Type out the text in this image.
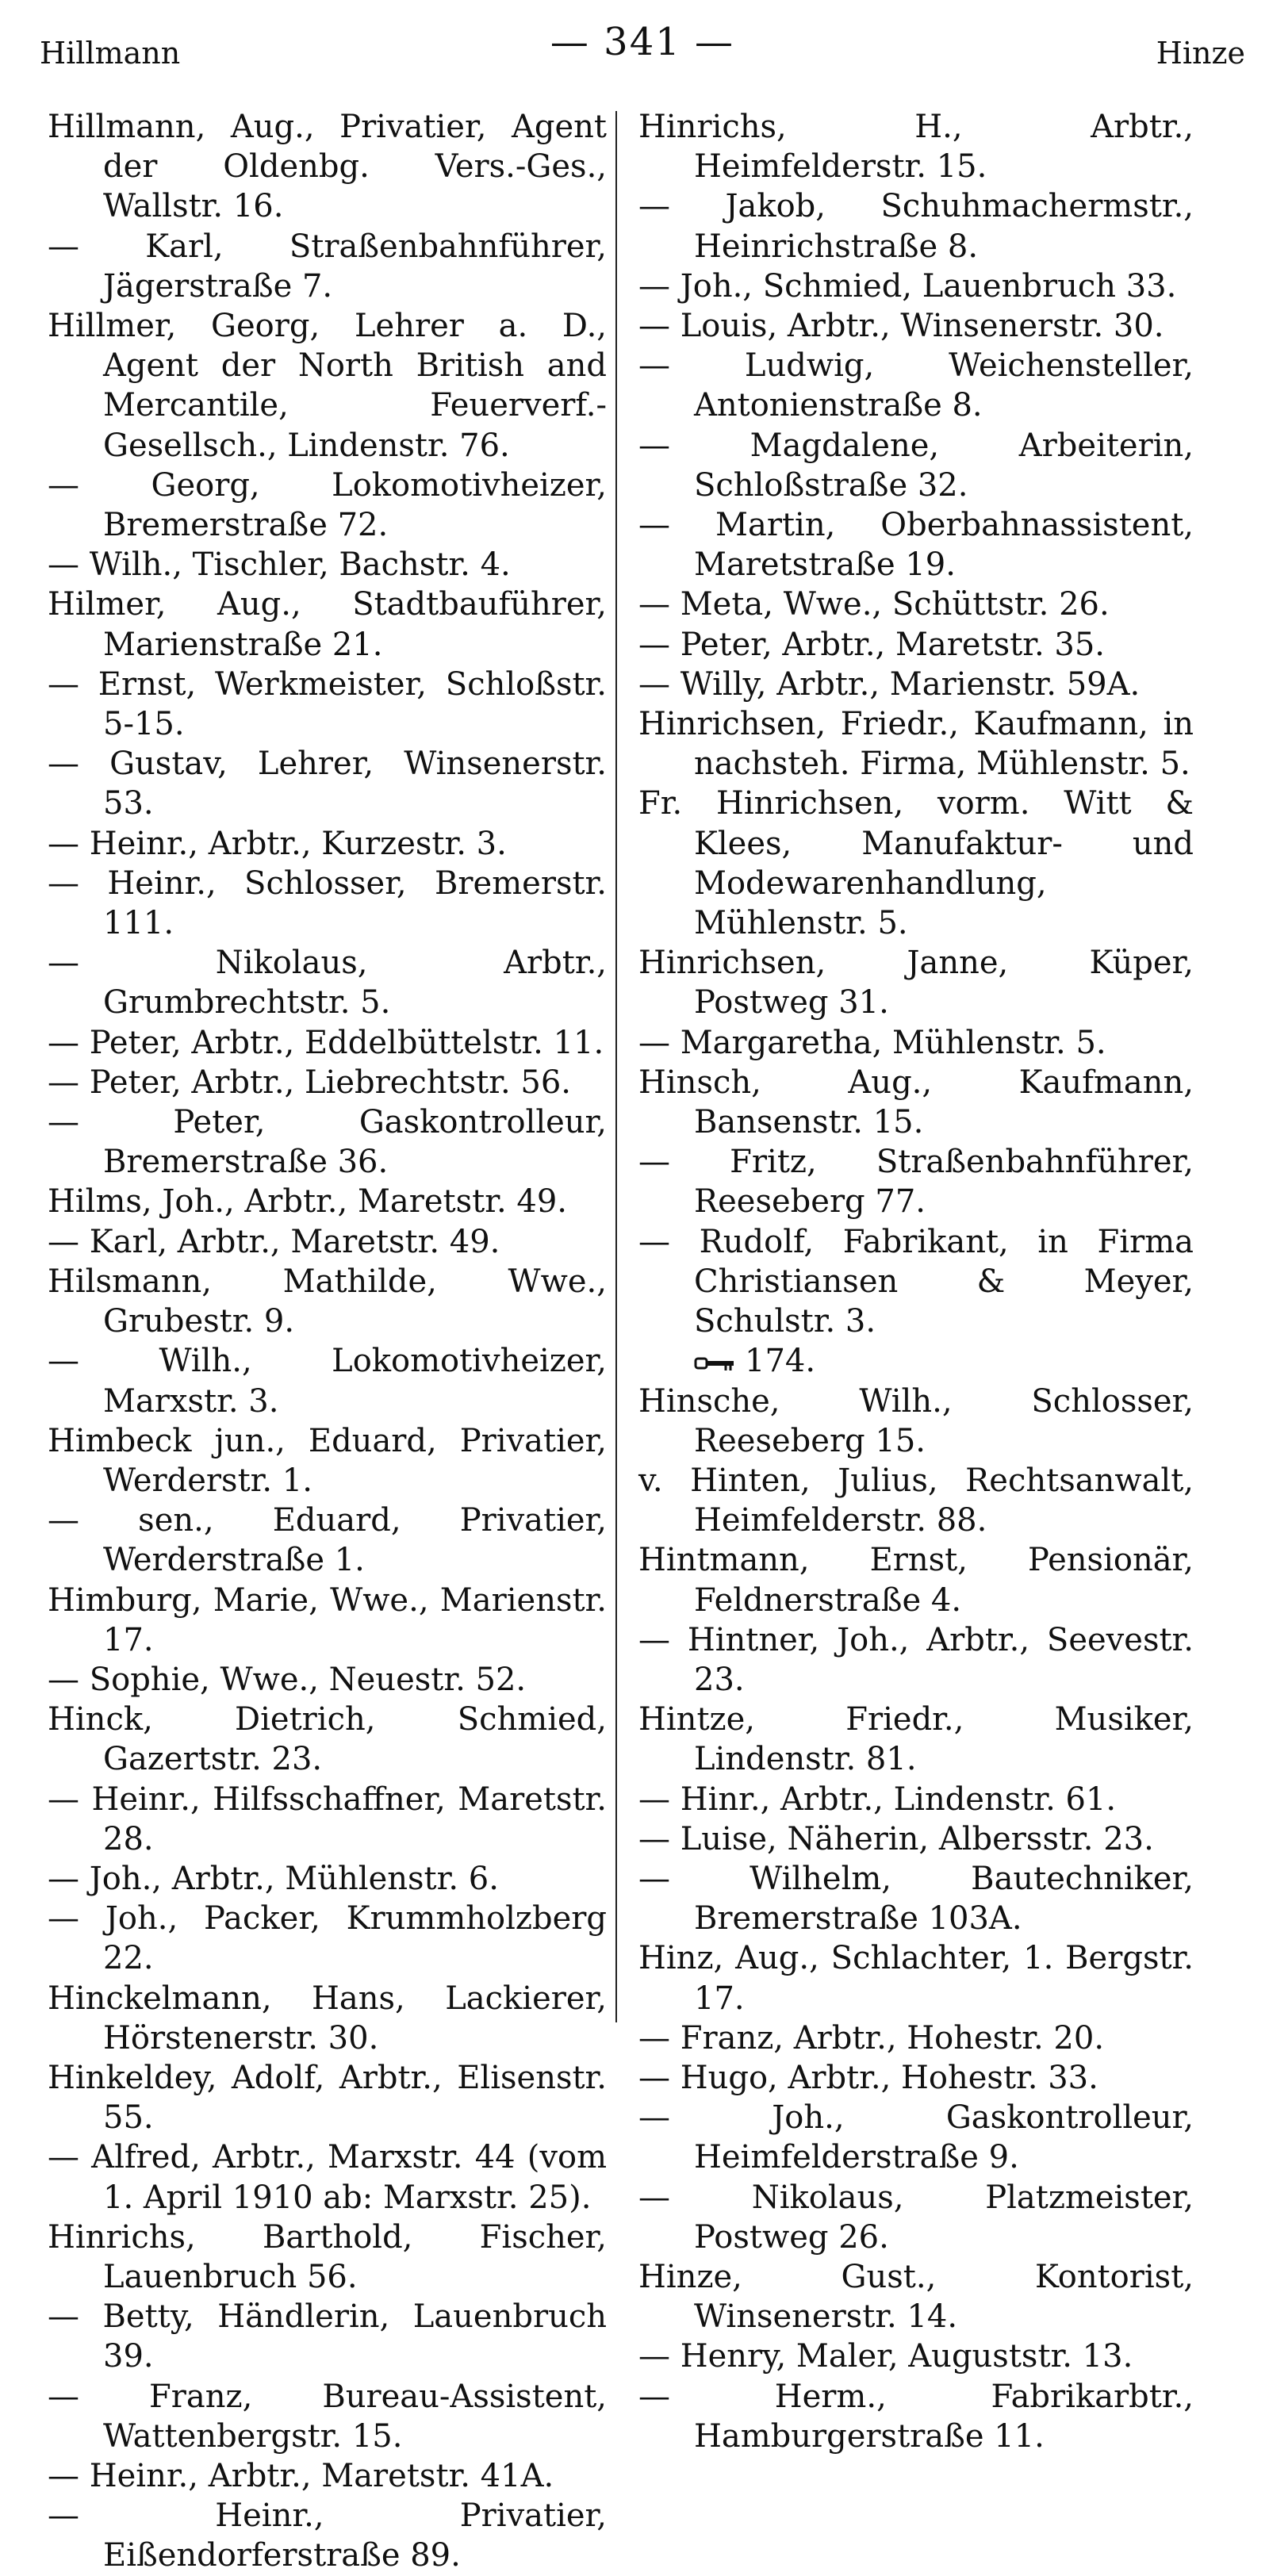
Hillmann	— 341 —	Hinze

Hillmann, Aug., Privatier, Agent der Oldenbg. Vers.-Ges., Wallstr. 16.

— Karl, Straßenbahnführer, Jägerstraße 7.

Hillmer, Georg, Lehrer a. D., Agent der North British and Mercantile, Feuerverf.-Gesellsch., Lindenstr. 76.

— Georg, Lokomotivheizer, Bremerstraße 72.

— Wilh., Tischler, Bachstr. 4.

Hilmer, Aug., Stadtbauführer, Marienstraße 21.

— Ernst, Werkmeister, Schloßstr. 5-15.

— Gustav, Lehrer, Winsenerstr. 53.

— Heinr., Arbtr., Kurzestr. 3.

— Heinr., Schlosser, Bremerstr. 111.

— Nikolaus, Arbtr., Grumbrechtstr. 5.

— Peter, Arbtr., Eddelbüttelstr. 11.

— Peter, Arbtr., Liebrechtstr. 56.

— Peter, Gaskontrolleur, Bremerstraße 36.

Hilms, Joh., Arbtr., Maretstr. 49.

— Karl, Arbtr., Maretstr. 49.

Hilsmann, Mathilde, Wwe., Grubestr. 9.

— Wilh., Lokomotivheizer, Marxstr. 3.

Himbeck jun., Eduard, Privatier, Werderstr. 1.

— sen., Eduard, Privatier, Werderstraße 1.

Himburg, Marie, Wwe., Marienstr. 17.

— Sophie, Wwe., Neuestr. 52.

Hinck, Dietrich, Schmied, Gazertstr. 23.

— Heinr., Hilfsschaffner, Maretstr. 28.

— Joh., Arbtr., Mühlenstr. 6.

— Joh., Packer, Krummholzberg 22.

Hinckelmann, Hans, Lackierer, Hörstenerstr. 30.

Hinkeldey, Adolf, Arbtr., Elisenstr. 55.

— Alfred, Arbtr., Marxstr. 44 (vom 1. April 1910 ab: Marxstr. 25).

Hinrichs, Barthold, Fischer, Lauenbruch 56.

— Betty, Händlerin, Lauenbruch 39.

— Franz, Bureau-Assistent, Wattenbergstr. 15.

— Heinr., Arbtr., Maretstr. 41A.

— Heinr., Privatier, Eißendorferstraße 89.

Hinrichs, H., Arbtr., Heimfelderstr. 15.

— Jakob, Schuhmachermstr., Heinrichstraße 8.

— Joh., Schmied, Lauenbruch 33.

— Louis, Arbtr., Winsenerstr. 30.

— Ludwig, Weichensteller, Antonienstraße 8.

— Magdalene, Arbeiterin, Schloßstraße 32.

— Martin, Oberbahnassistent, Maretstraße 19.

— Meta, Wwe., Schüttstr. 26.

— Peter, Arbtr., Maretstr. 35.

— Willy, Arbtr., Marienstr. 59A.

Hinrichsen, Friedr., Kaufmann, in nachsteh. Firma, Mühlenstr. 5.

Fr. Hinrichsen, vorm. Witt & Klees, Manufaktur- und Modewarenhandlung, Mühlenstr. 5.

Hinrichsen, Janne, Küper, Postweg 31.

— Margaretha, Mühlenstr. 5.

Hinsch, Aug., Kaufmann, Bansenstr. 15.

— Fritz, Straßenbahnführer, Reeseberg 77.

— Rudolf, Fabrikant, in Firma Christiansen & Meyer, Schulstr. 3.

174.

Hinsche, Wilh., Schlosser, Reeseberg 15.

v. Hinten, Julius, Rechtsanwalt, Heimfelderstr. 88.

Hintmann, Ernst, Pensionär, Feldnerstraße 4.

— Hintner, Joh., Arbtr., Seevestr. 23.

Hintze, Friedr., Musiker, Lindenstr. 81.

— Hinr., Arbtr., Lindenstr. 61.

— Luise, Näherin, Albersstr. 23.

— Wilhelm, Bautechniker, Bremerstraße 103A.

Hinz, Aug., Schlachter, 1. Bergstr. 17.

— Franz, Arbtr., Hohestr. 20.

— Hugo, Arbtr., Hohestr. 33.

— Joh., Gaskontrolleur, Heimfelderstraße 9.

— Nikolaus, Platzmeister, Postweg 26.

Hinze, Gust., Kontorist, Winsenerstr. 14.

— Henry, Maler, Auguststr. 13.

— Herm., Fabrikarbtr., Hamburgerstraße 11.
